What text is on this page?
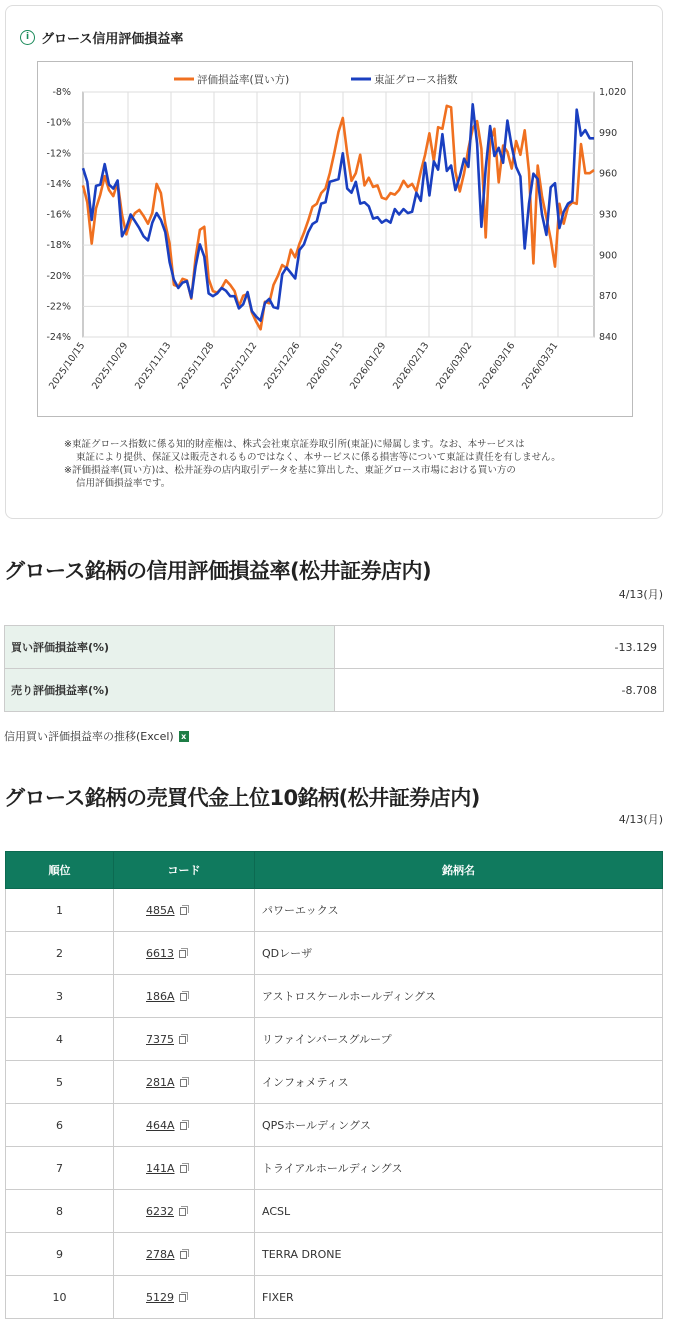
i グロース信用評価損益率
-8%
-10%
-12%
-14%
-16%
-18%
-20%
-22%
-24%
1,020
990
960
930
900
870
840
2025/10/15 2025/10/29 2025/11/13 2025/11/28 2025/12/12 2025/12/26 2026/01/15 2026/01/29 2026/02/13 2026/03/02 2026/03/16 2026/03/31
評価損益率(買い方)	東証グロース指数

※東証グロース指数に係る知的財産権は、株式会社東京証券取引所(東証)に帰属します。なお、本サービスは

東証により提供、保証又は販売されるものではなく、本サービスに係る損害等について東証は責任を有しません。

※評価損益率(買い方)は、松井証券の店内取引データを基に算出した、東証グロース市場における買い方の

信用評価損益率です。

グロース銘柄の信用評価損益率(松井証券店内)
4/13(月)
買い評価損益率(%)	-13.129
売り評価損益率(%)	-8.708
信用買い評価損益率の推移(Excel) x
グロース銘柄の売買代金上位10銘柄(松井証券店内)
4/13(月)
順位	コード	銘柄名
1	485A	パワーエックス
2	6613	QDレーザ
3	186A	アストロスケールホールディングス
4	7375	リファインバースグループ
5	281A	インフォメティス
6	464A	QPSホールディングス
7	141A	トライアルホールディングス
8	6232	ACSL
9	278A	TERRA DRONE
10	5129	FIXER
